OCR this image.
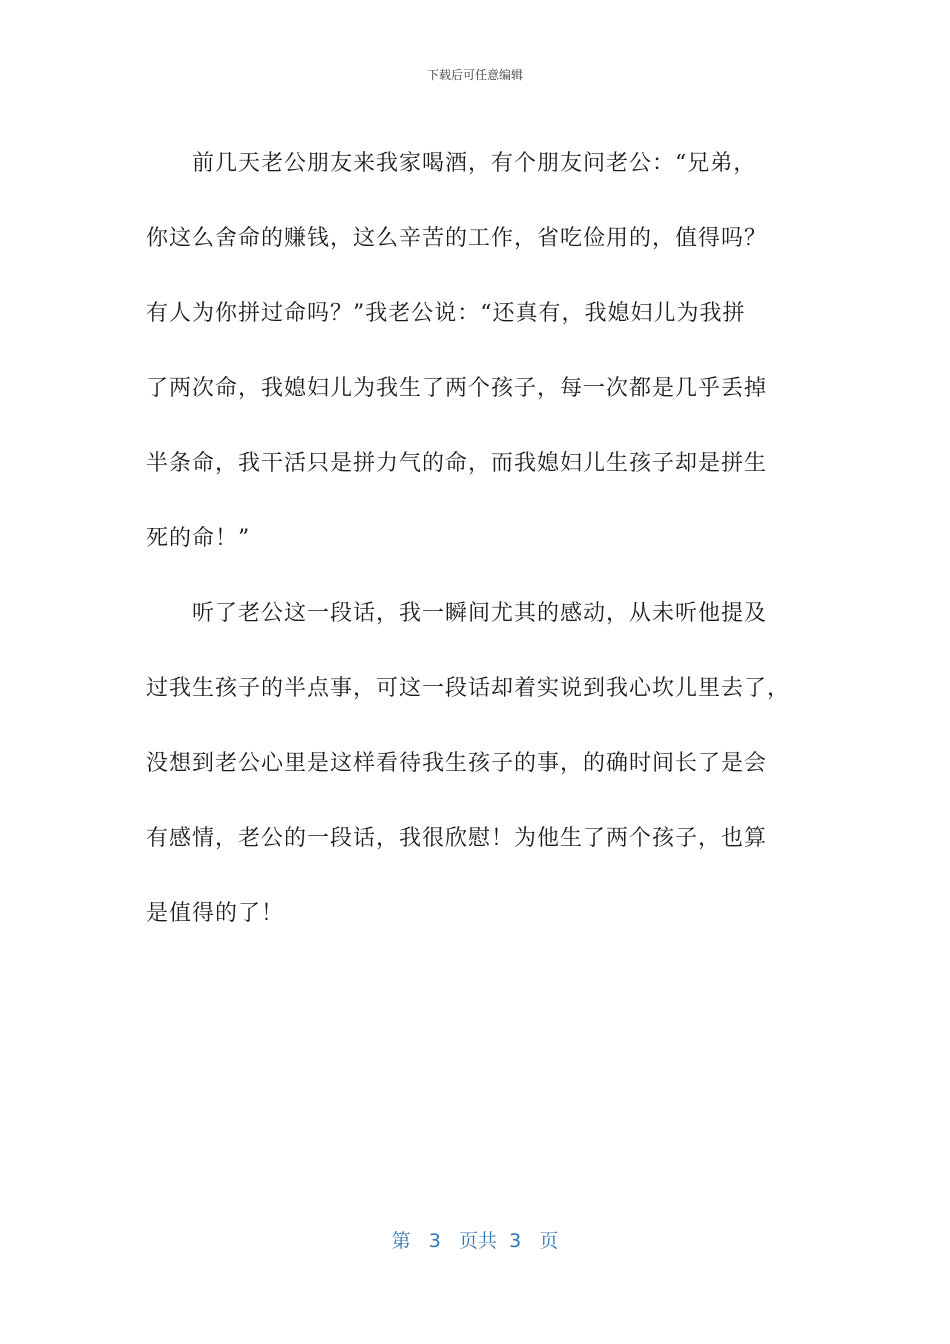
下载后可任意编辑
前几天老公朋友来我家喝酒，有个朋友问老公：“兄弟，
你这么舍命的赚钱，这么辛苦的工作，省吃俭用的，值得吗？
有人为你拼过命吗？”我老公说：“还真有，我媳妇儿为我拼
了两次命，我媳妇儿为我生了两个孩子，每一次都是几乎丢掉
半条命，我干活只是拼力气的命，而我媳妇儿生孩子却是拼生
死的命！”
听了老公这一段话，我一瞬间尤其的感动，从未听他提及
过我生孩子的半点事，可这一段话却着实说到我心坎儿里去了，
没想到老公心里是这样看待我生孩子的事，的确时间长了是会
有感情，老公的一段话，我很欣慰！为他生了两个孩子，也算
是值得的了！
第 3 页共 3 页
